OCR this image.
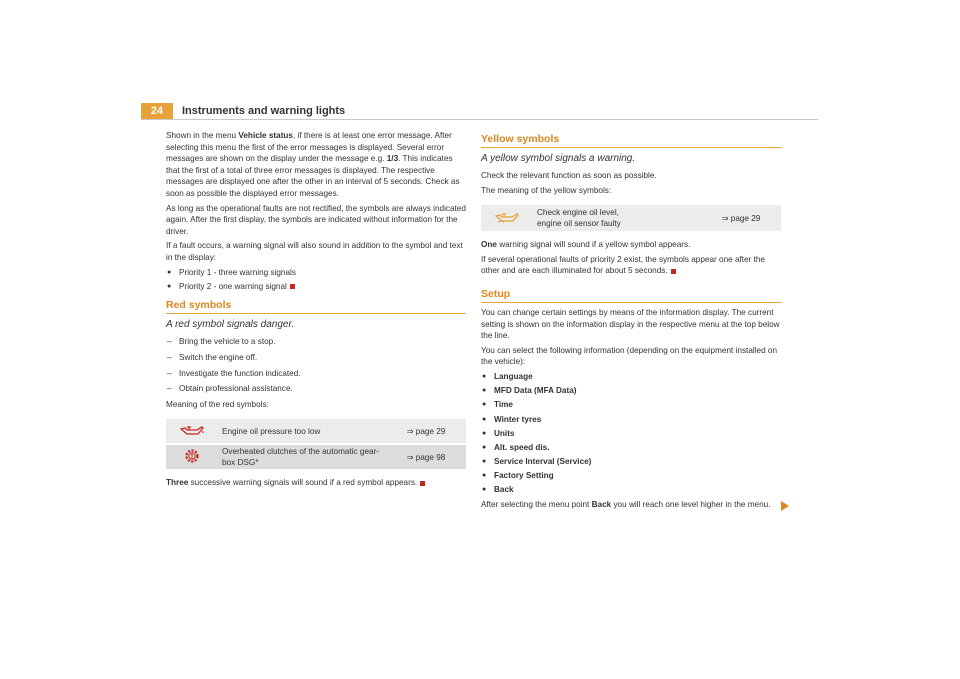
24	Instruments and warning lights

Shown in the menu Vehicle status, if there is at least one error message. After selecting this menu the first of the error messages is displayed. Several error messages are shown on the display under the message e.g. 1/3. This indicates that the first of a total of three error messages is displayed. The respective messages are displayed one after the other in an interval of 5 seconds. Check as soon as possible the displayed error messages.

As long as the operational faults are not rectified, the symbols are always indicated again. After the first display, the symbols are indicated without information for the driver.

If a fault occurs, a warning signal will also sound in addition to the symbol and text in the display:

● Priority 1 - three warning signals
● Priority 2 - one warning signal
Red symbols
A red symbol signals danger.
– Bring the vehicle to a stop.
– Switch the engine off.
– Investigate the function indicated.
– Obtain professional assistance.

Meaning of the red symbols:

	Engine oil pressure too low	⇒ page 29

	Overheated clutches of the automatic gear-box DSG*	⇒ page 98

Three successive warning signals will sound if a red symbol appears.

Yellow symbols
A yellow symbol signals a warning.

Check the relevant function as soon as possible.

The meaning of the yellow symbols:

	Check engine oil level,
engine oil sensor faulty	⇒ page 29

One warning signal will sound if a yellow symbol appears.

If several operational faults of priority 2 exist, the symbols appear one after the other and are each illuminated for about 5 seconds.

Setup

You can change certain settings by means of the information display. The current setting is shown on the information display in the respective menu at the top below the line.

You can select the following information (depending on the equipment installed on the vehicle):

● Language
● MFD Data (MFA Data)
● Time
● Winter tyres
● Units
● Alt. speed dis.
● Service Interval (Service)
● Factory Setting
● Back

After selecting the menu point Back you will reach one level higher in the menu.
